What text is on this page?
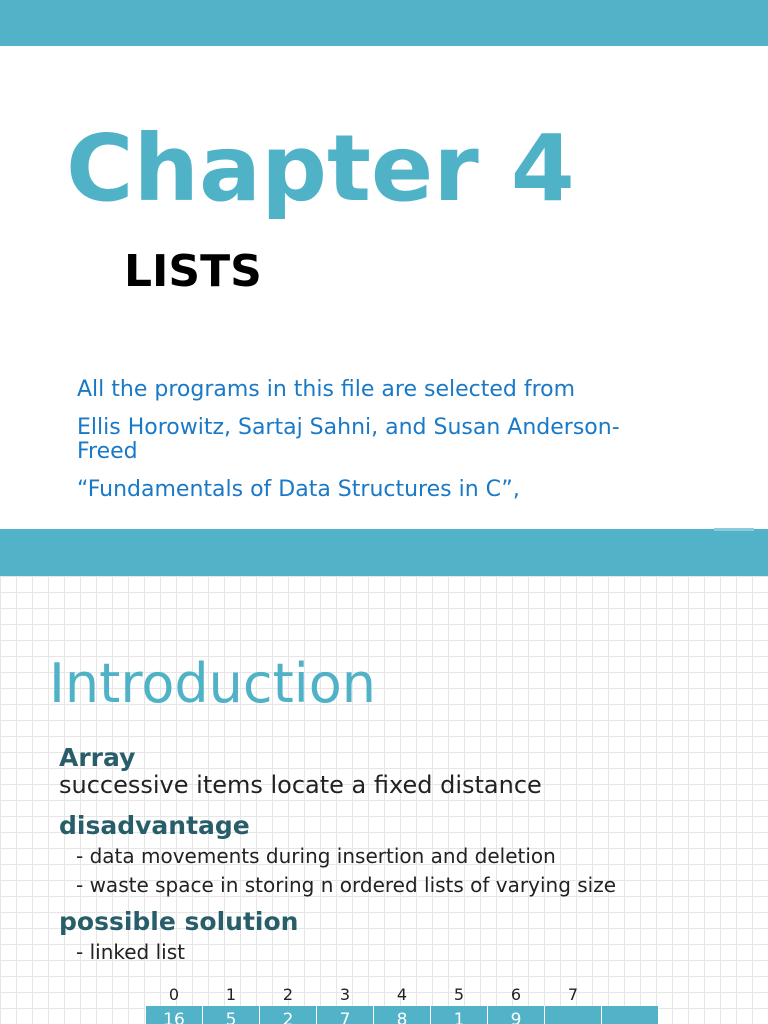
Chapter 4
LISTS

All the programs in this file are selected from

Ellis Horowitz, Sartaj Sahni, and Susan Anderson-Freed

“Fundamentals of Data Structures in C”,

Introduction
Array
successive items locate a fixed distance
disadvantage
- data movements during insertion and deletion
- waste space in storing n ordered lists of varying size
possible solution
- linked list
0	1	2	3	4	5	6	7
16	5	2	7	8	1	9
